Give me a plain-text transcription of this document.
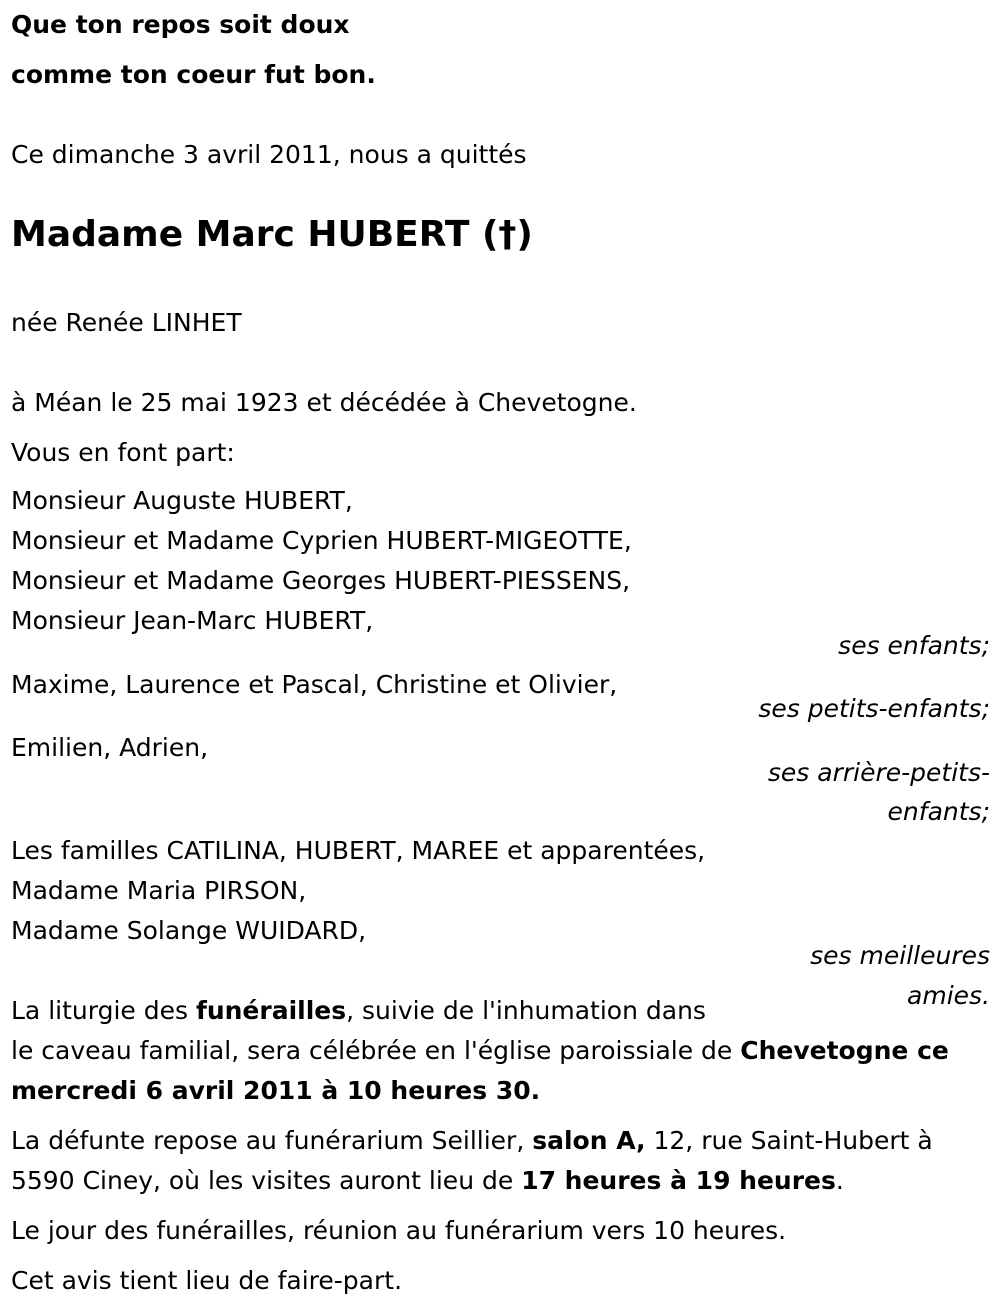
Que ton repos soit doux
comme ton coeur fut bon.
Ce dimanche 3 avril 2011, nous a quittés
Madame Marc HUBERT (†)
née Renée LINHET
à Méan le 25 mai 1923 et décédée à Chevetogne.
Vous en font part:
Monsieur Auguste HUBERT,
Monsieur et Madame Cyprien HUBERT-MIGEOTTE,
Monsieur et Madame Georges HUBERT-PIESSENS,
Monsieur Jean-Marc HUBERT,
ses enfants;
Maxime, Laurence et Pascal, Christine et Olivier,
ses petits-enfants;
Emilien, Adrien,
ses arrière-petits-
enfants;
Les familles CATILINA, HUBERT, MAREE et apparentées,
Madame Maria PIRSON,
Madame Solange WUIDARD,
ses meilleures
amies.
La liturgie des funérailles, suivie de l'inhumation dans
le caveau familial, sera célébrée en l'église paroissiale de Chevetogne ce
mercredi 6 avril 2011 à 10 heures 30.
La défunte repose au funérarium Seillier, salon A, 12, rue Saint-Hubert à
5590 Ciney, où les visites auront lieu de 17 heures à 19 heures.
Le jour des funérailles, réunion au funérarium vers 10 heures.
Cet avis tient lieu de faire-part.
